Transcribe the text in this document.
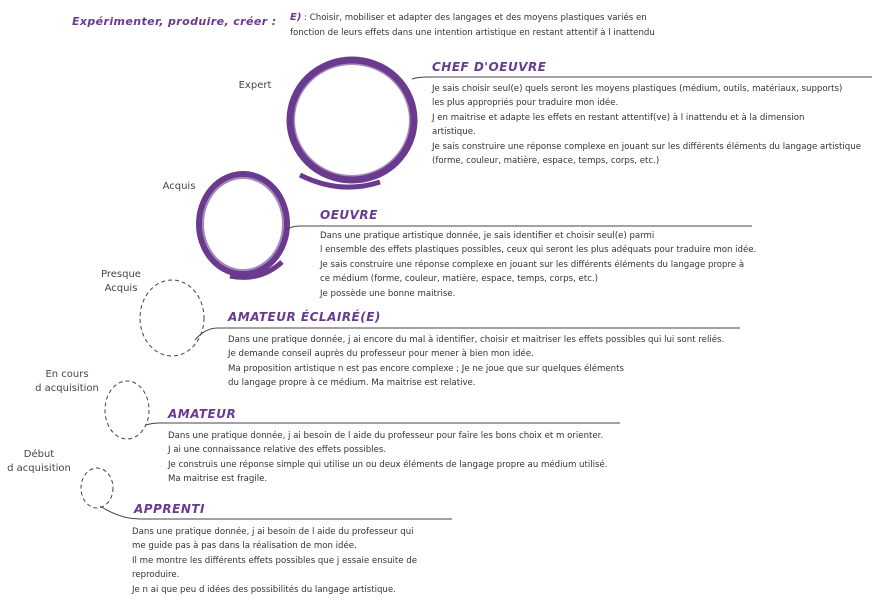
Expérimenter, produire, créer : E) : Choisir, mobiliser et adapter des langages et des moyens plastiques variés en
fonction de leurs effets dans une intention artistique en restant attentif à l inattendu
Expert
Acquis
Presque
Acquis
En cours
d acquisition
Début
d acquisition
CHEF D'OEUVRE
OEUVRE
AMATEUR ÉCLAIRÉ(E)
AMATEUR
APPRENTI
Je sais choisir seul(e) quels seront les moyens plastiques (médium, outils, matériaux, supports)
les plus appropriés pour traduire mon idée.
J en maitrise et adapte les effets en restant attentif(ve) à l inattendu et à la dimension
artistique.
Je sais construire une réponse complexe en jouant sur les différents éléments du langage artistique
(forme, couleur, matière, espace, temps, corps, etc.)
Dans une pratique artistique donnée, je sais identifier et choisir seul(e) parmi
l ensemble des effets plastiques possibles, ceux qui seront les plus adéquats pour traduire mon idée.
Je sais construire une réponse complexe en jouant sur les différents éléments du langage propre à
ce médium (forme, couleur, matière, espace, temps, corps, etc.)
Je possède une bonne maitrise.
Dans une pratique donnée, j ai encore du mal à identifier, choisir et maitriser les effets possibles qui lui sont reliés.
Je demande conseil auprès du professeur pour mener à bien mon idée.
Ma proposition artistique n est pas encore complexe ; Je ne joue que sur quelques éléments
du langage propre à ce médium. Ma maitrise est relative.
Dans une pratique donnée, j ai besoin de l aide du professeur pour faire les bons choix et m orienter.
J ai une connaissance relative des effets possibles.
Je construis une réponse simple qui utilise un ou deux éléments de langage propre au médium utilisé.
Ma maitrise est fragile.
Dans une pratique donnée, j ai besoin de l aide du professeur qui
me guide pas à pas dans la réalisation de mon idée.
Il me montre les différents effets possibles que j essaie ensuite de
reproduire.
Je n ai que peu d idées des possibilités du langage artistique.
